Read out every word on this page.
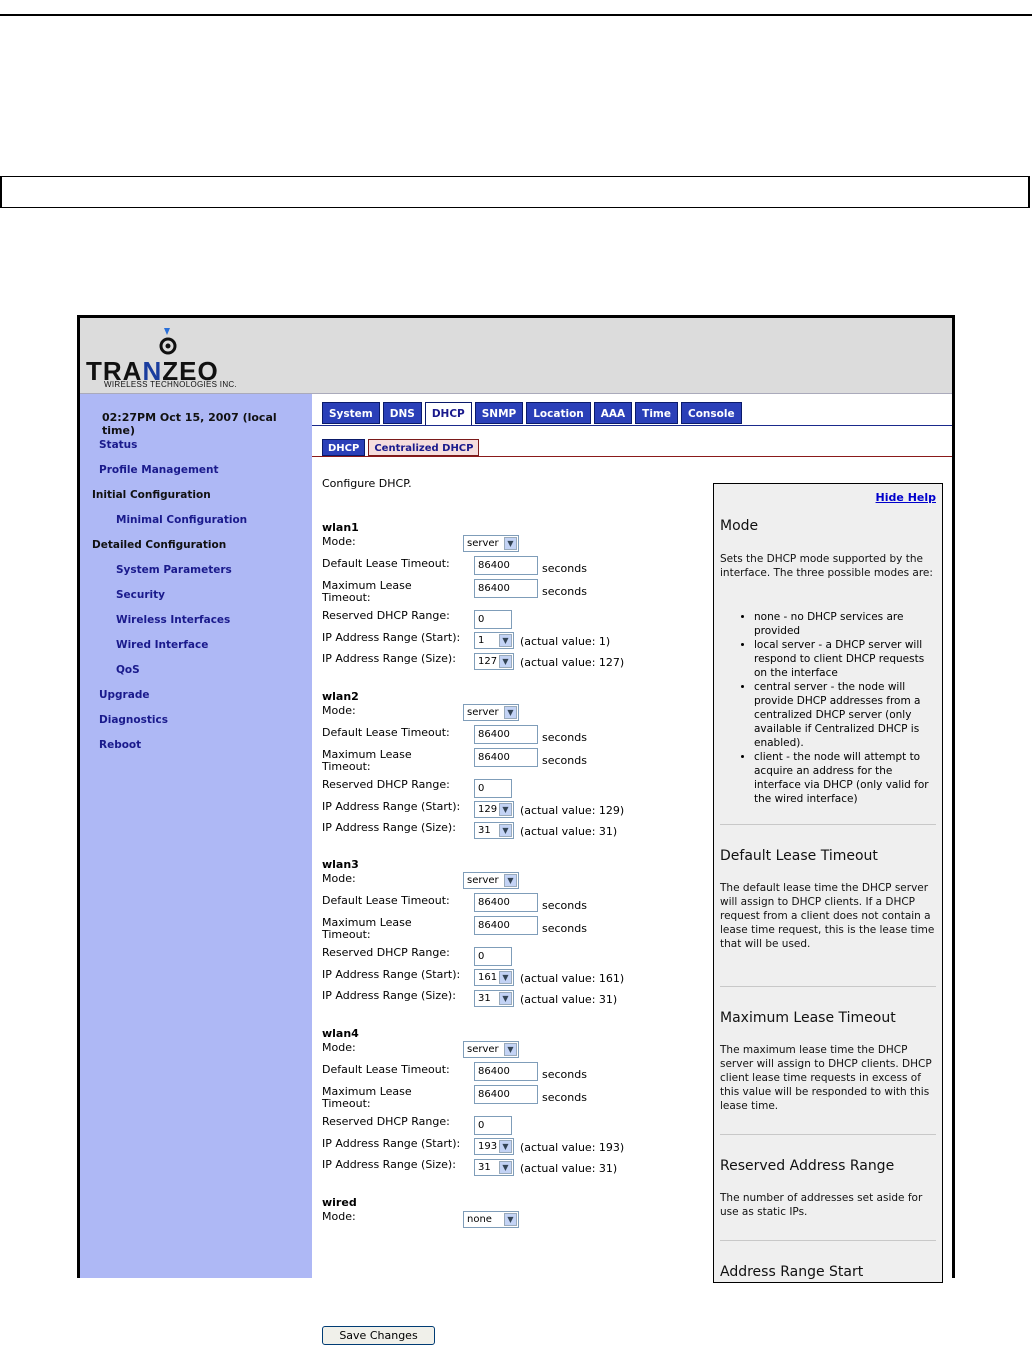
TRANZEO
WIRELESS TECHNOLOGIES INC.
02:27PM Oct 15, 2007 (local time)
Status
Profile Management
Initial Configuration
Minimal Configuration
Detailed Configuration
System Parameters
Security
Wireless Interfaces
Wired Interface
QoS
Upgrade
Diagnostics
Reboot
System	DNS	DHCP	SNMP	Location	AAA	Time	Console
DHCP	Centralized DHCP
Configure DHCP.
wlan1
Mode:	server	▼
Default Lease Timeout:	86400	seconds
Maximum Lease
Timeout:
86400	seconds
Reserved DHCP Range:	0
IP Address Range (Start):	1	▼	(actual value: 1)
IP Address Range (Size):	127 ▼	(actual value: 127)
wlan2
Mode:	server	▼
Default Lease Timeout:	86400	seconds
Maximum Lease
Timeout:
86400	seconds
Reserved DHCP Range:	0
IP Address Range (Start):	129 ▼	(actual value: 129)
IP Address Range (Size):	31	▼	(actual value: 31)
wlan3
Mode:	server	▼
Default Lease Timeout:	86400	seconds
Maximum Lease
Timeout:
86400	seconds
Reserved DHCP Range:	0
IP Address Range (Start):	161 ▼	(actual value: 161)
IP Address Range (Size):	31	▼	(actual value: 31)
wlan4
Mode:	server	▼
Default Lease Timeout:	86400	seconds
Maximum Lease
Timeout:
86400	seconds
Reserved DHCP Range:	0
IP Address Range (Start):	193 ▼	(actual value: 193)
IP Address Range (Size):	31	▼	(actual value: 31)
wired
Mode:	none	▼
Save Changes
Hide Help
Mode
Sets the DHCP mode supported by the interface. The three possible modes are:
• none - no DHCP services are provided
• local server - a DHCP server will respond to client DHCP requests on the interface
• central server - the node will provide DHCP addresses from a centralized DHCP server (only available if Centralized DHCP is enabled).
• client - the node will attempt to acquire an address for the interface via DHCP (only valid for the wired interface)
Default Lease Timeout
The default lease time the DHCP server will assign to DHCP clients. If a DHCP request from a client does not contain a lease time request, this is the lease time that will be used.
Maximum Lease Timeout
The maximum lease time the DHCP server will assign to DHCP clients. DHCP client lease time requests in excess of this value will be responded to with this lease time.
Reserved Address Range
The number of addresses set aside for use as static IPs.
Address Range Start
